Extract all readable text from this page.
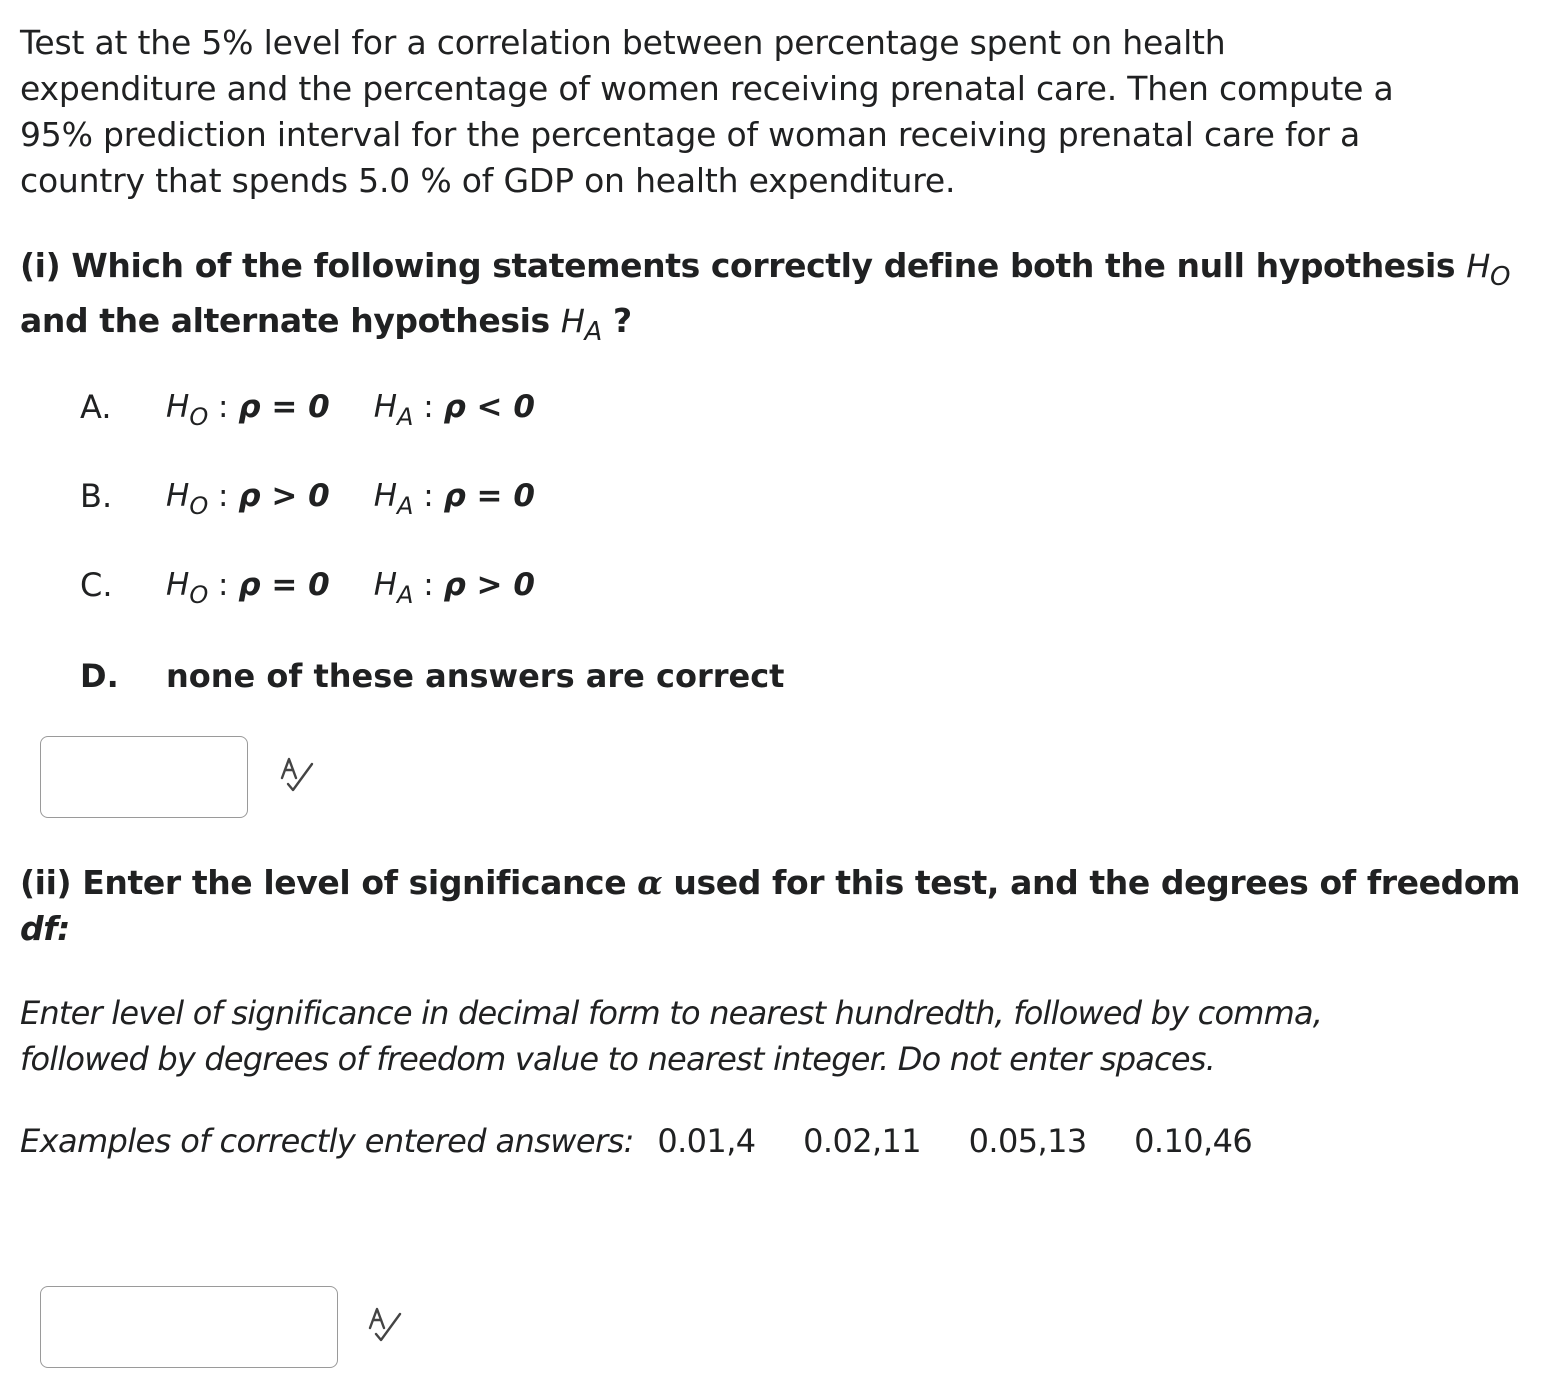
Test at the 5% level for a correlation between percentage spent on health
expenditure and the percentage of women receiving prenatal care. Then compute a
95% prediction interval for the percentage of woman receiving prenatal care for a
country that spends 5.0 % of GDP on health expenditure.
(i) Which of the following statements correctly define both the null hypothesis $H_O$
and the alternate hypothesis $H_A$ ?
A.	$H_O$ : ρ = 0 $H_A$ : ρ < 0
B.	$H_O$ : ρ > 0 $H_A$ : ρ = 0
C.	$H_O$ : ρ = 0 $H_A$ : ρ > 0
D.	none of these answers are correct
(ii) Enter the level of significance α used for this test, and the degrees of freedom
df:
Enter level of significance in decimal form to nearest hundredth, followed by comma,
followed by degrees of freedom value to nearest integer. Do not enter spaces.
Examples of correctly entered answers: 0.01,4 0.02,11 0.05,13 0.10,46
